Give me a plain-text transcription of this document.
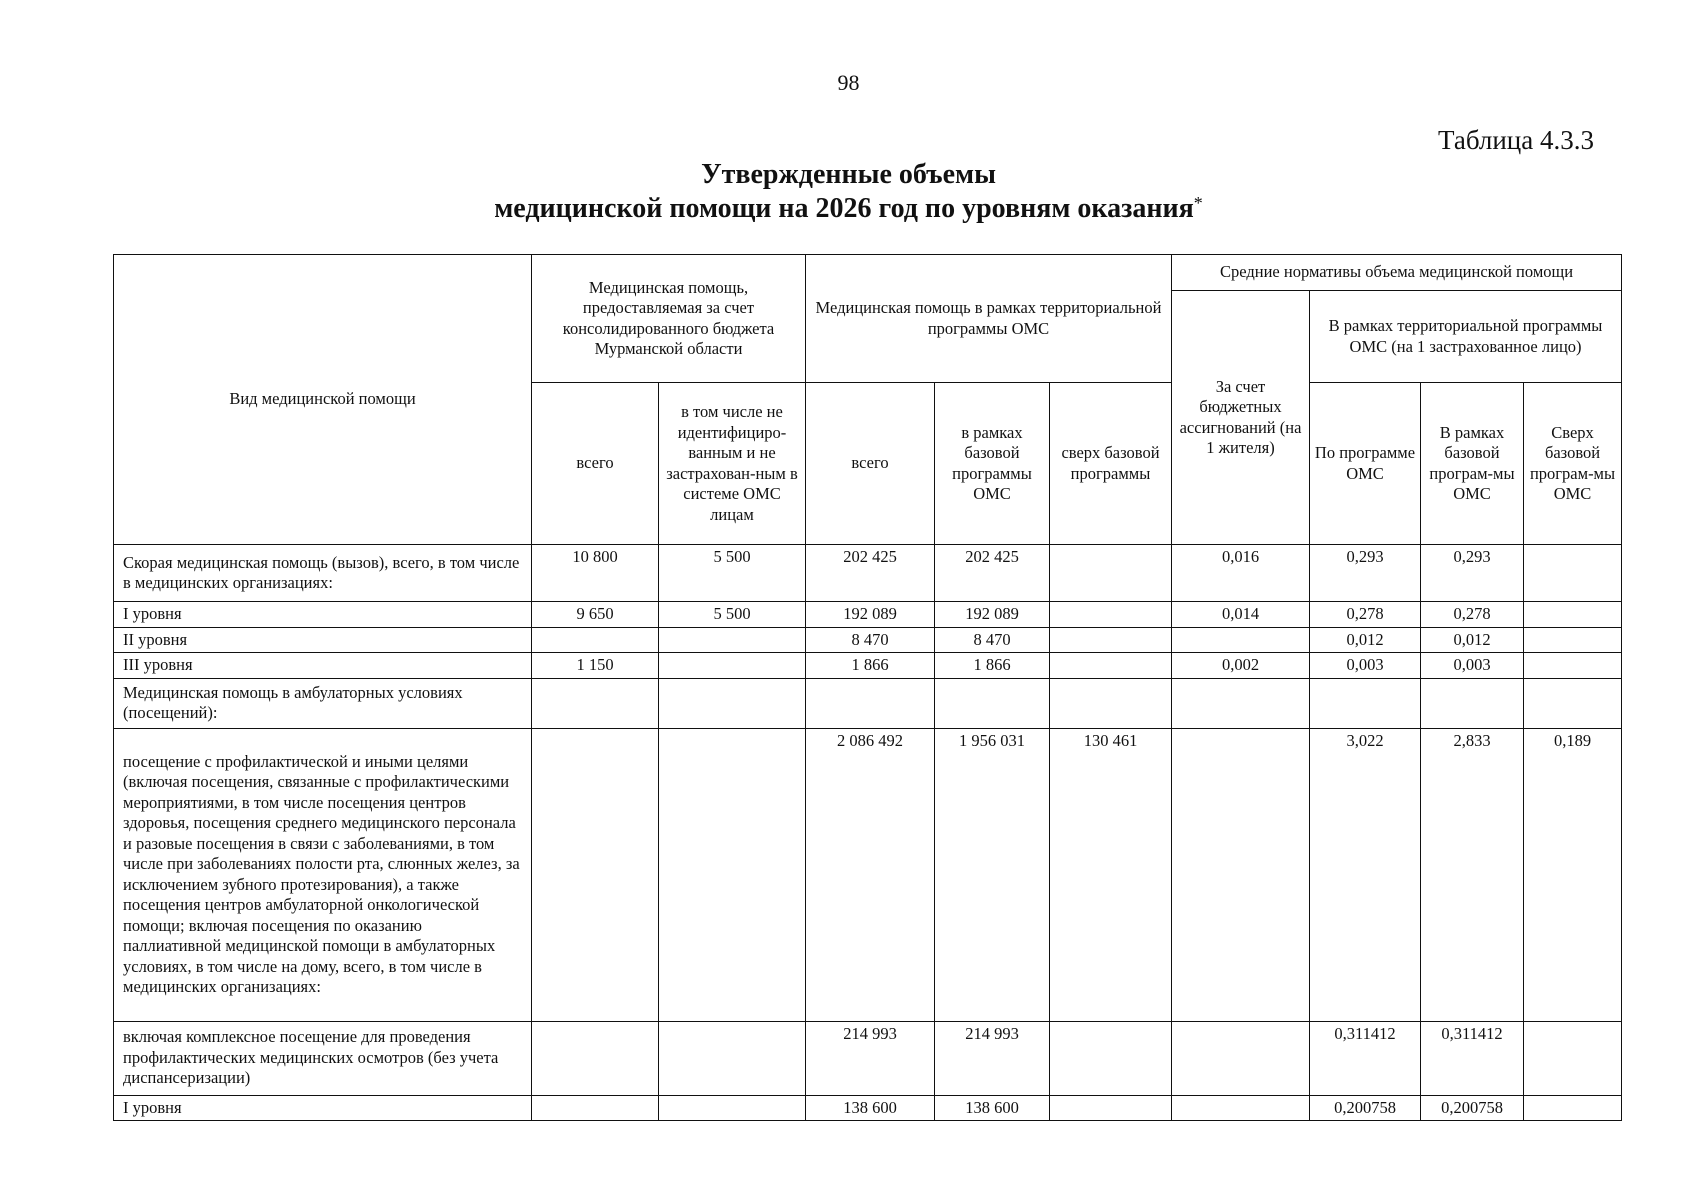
98
Таблица 4.3.3
Утвержденные объемы
медицинской помощи на 2026 год по уровням оказания*
Вид медицинской помощи	Медицинская помощь, предоставляемая за счет консолидированного бюджета Мурманской области		Медицинская помощь в рамках территориальной программы ОМС			Средние нормативы объема медицинской помощи			
						За счет бюджетных ассигнований (на 1 жителя)	В рамках территориальной программы ОМС (на 1 застрахованное лицо)		
	всего	в том числе не идентифициро-ванным и не застрахован-ным в системе ОМС лицам	всего	в рамках базовой программы ОМС	сверх базовой программы		По программе ОМС	В рамках базовой програм-мы ОМС	Сверх базовой програм-мы ОМС
Скорая медицинская помощь (вызов), всего, в том числе в медицинских организациях:	10 800	5 500	202 425	202 425		0,016	0,293	0,293	
I уровня	9 650	5 500	192 089	192 089		0,014	0,278	0,278	
II уровня			8 470	8 470			0,012	0,012	
III уровня	1 150		1 866	1 866		0,002	0,003	0,003	
Медицинская помощь в амбулаторных условиях (посещений):									
посещение с профилактической и иными целями (включая посещения, связанные с профилактическими мероприятиями, в том числе посещения центров здоровья, посещения среднего медицинского персонала и разовые посещения в связи с заболеваниями, в том числе при заболеваниях полости рта, слюнных желез, за исключением зубного протезирования), а также посещения центров амбулаторной онкологической помощи; включая посещения по оказанию паллиативной медицинской помощи в амбулаторных условиях, в том числе на дому, всего, в том числе в медицинских организациях:			2 086 492	1 956 031	130 461		3,022	2,833	0,189
включая комплексное посещение для проведения профилактических медицинских осмотров (без учета диспансеризации)			214 993	214 993			0,311412	0,311412	
I уровня			138 600	138 600			0,200758	0,200758	
